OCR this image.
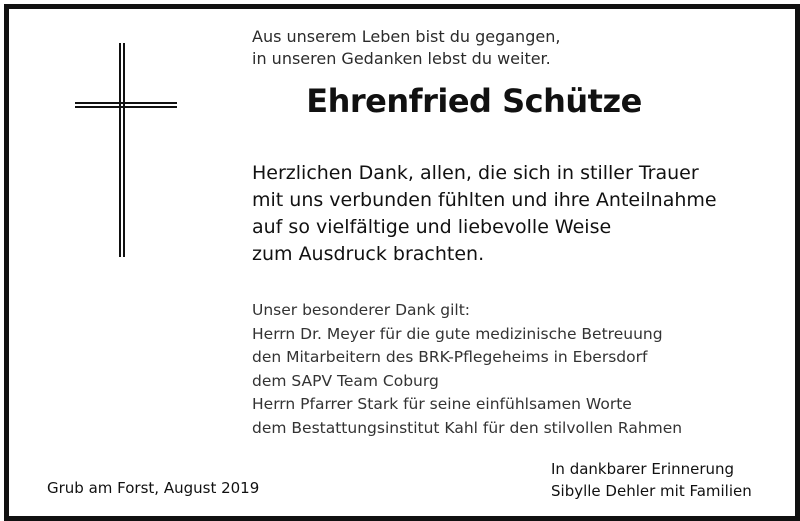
Aus unserem Leben bist du gegangen,
in unseren Gedanken lebst du weiter.
Ehrenfried Schütze
Herzlichen Dank, allen, die sich in stiller Trauer
mit uns verbunden fühlten und ihre Anteilnahme
auf so vielfältige und liebevolle Weise
zum Ausdruck brachten.
Unser besonderer Dank gilt:
Herrn Dr. Meyer für die gute medizinische Betreuung
den Mitarbeitern des BRK-Pflegeheims in Ebersdorf
dem SAPV Team Coburg
Herrn Pfarrer Stark für seine einfühlsamen Worte
dem Bestattungsinstitut Kahl für den stilvollen Rahmen
Grub am Forst, August 2019
In dankbarer Erinnerung
Sibylle Dehler mit Familien
